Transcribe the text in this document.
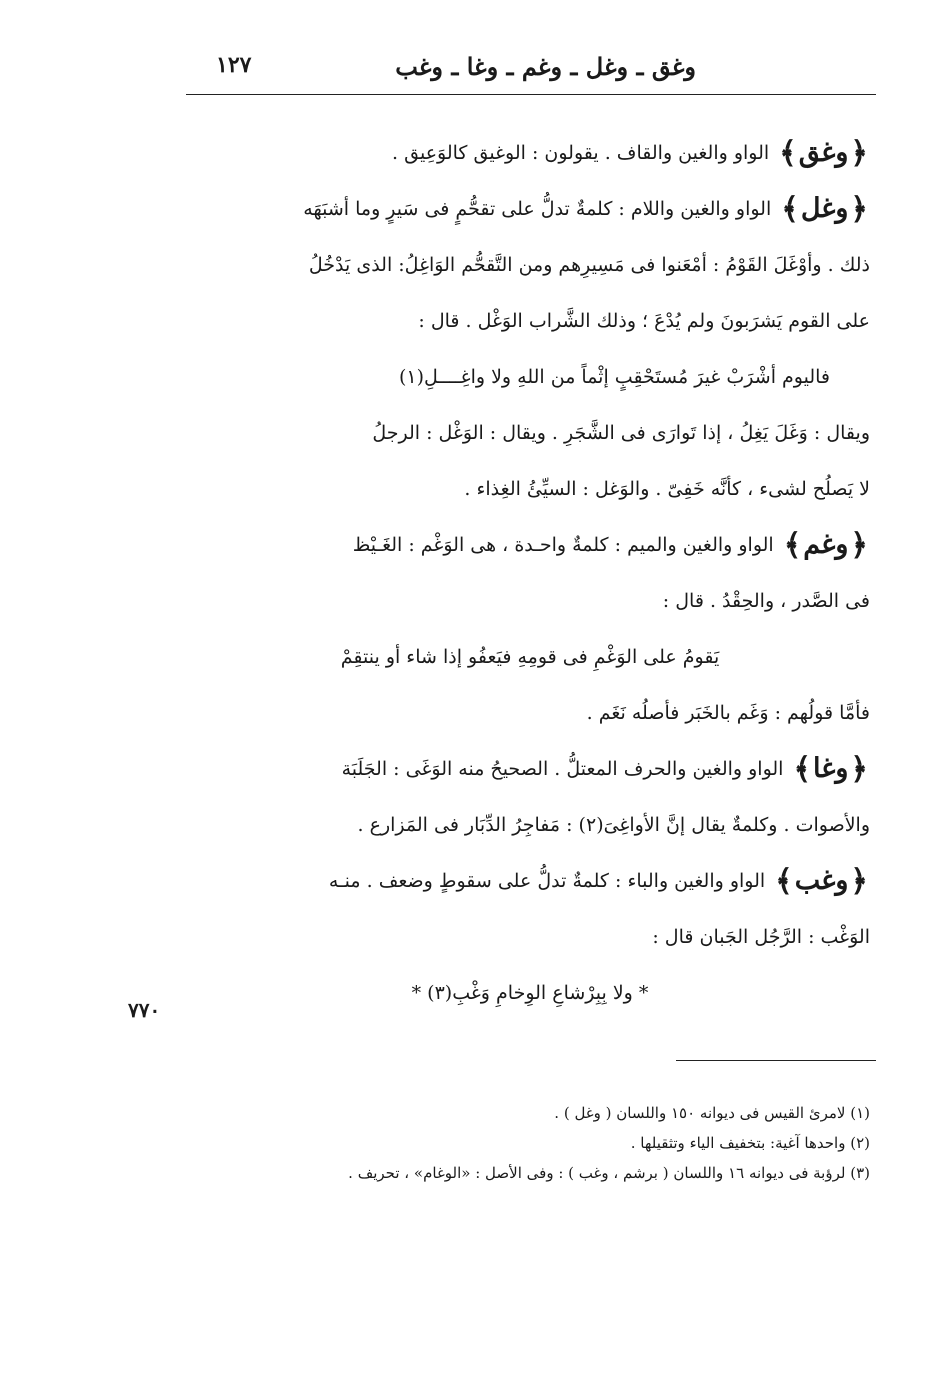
وغق ـ وغل ـ وغم ـ وغا ـ وغب
١٢٧
﴿
وغق
﴾
الواو والغين والقاف . يقولون : الوغيق كالوَعِيق .
﴿
وغل
﴾
الواو والغين واللام : كلمةٌ تدلُّ على تقحُّمٍ فى سَيرٍ وما أشبَهَه
ذلك . وأوْغَلَ القَوْمُ : أمْعَنوا فى مَسِيرِهم ومن التَّقحُّم الوَاغِلُ: الذى يَدْخُلُ
على القوم يَشرَبونَ ولم يُدْعَ ؛ وذلك الشَّراب الوَغْل . قال :
فاليوم أشْرَبْ غيرَ مُستَحْقِبٍ إثْماً من اللهِ ولا واغِــــلِ(١)
ويقال : وَغَلَ يَغِلُ ، إذا تَوارَى فى الشَّجَرِ . ويقال : الوَغْل : الرجلُ
لا يَصلُح لشىء ، كأنَّه خَفِىّ . والوَغل : السيِّئُ الغِذاء .
﴿
وغم
﴾
الواو والغين والميم : كلمةٌ واحـدة ، هى الوَغْم : الغَـيْظ
فى الصَّدر ، والحِقْدُ . قال :
يَقومُ على الوَغْمِ فى قومِهِ فيَعفُو إذا شاء أو ينتقِمْ
فأمَّا قولُهم : وَغَم بالخَبَر فأصلُه نَغَم .
﴿
وغا
﴾
الواو والغين والحرف المعتلُّ . الصحيحُ منه الوَغَى : الجَلَبَة
والأصوات . وكلمةٌ يقال إنَّ الأواغِىَ(٢) : مَفاجِرُ الدِّبَار فى المَزارع .
﴿
وغب
﴾
الواو والغين والباء : كلمةٌ تدلُّ على سقوطٍ وضعف . منـه
الوَغْب : الرَّجُل الجَبان قال :
* ولا بِبِرْشاعِ الوِخامِ وَغْبِ(٣) *
٧٧٠
(١) لامرئ القيس فى ديوانه ١٥٠ واللسان ( وغل ) .
(٢) واحدها آغية: بتخفيف الياء وتثقيلها .
(٣) لرؤبة فى ديوانه ١٦ واللسان ( برشم ، وغب ) : وفى الأصل : «الوغام» ، تحريف .
